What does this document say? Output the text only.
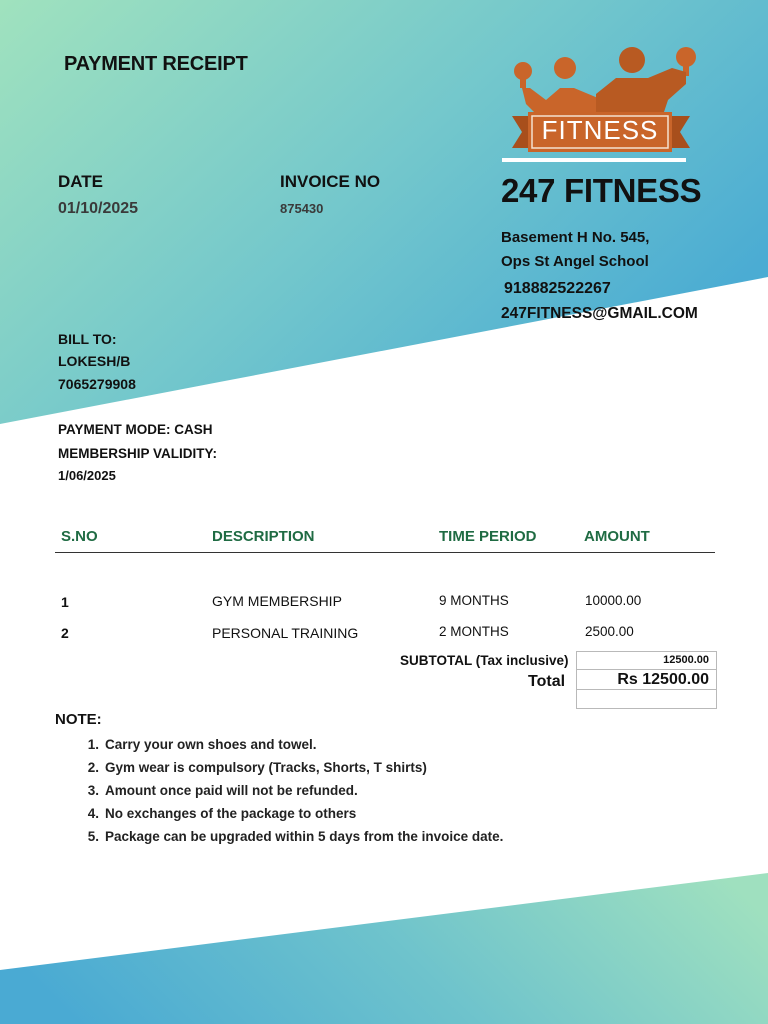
PAYMENT RECEIPT
DATE
01/10/2025
INVOICE NO
875430
FITNESS
247 FITNESS
Basement H No. 545,
Ops St Angel School
918882522267
247FITNESS@GMAIL.COM
BILL TO:
LOKESH/B
7065279908
PAYMENT MODE: CASH
MEMBERSHIP VALIDITY:
1/06/2025
S.NO	DESCRIPTION	TIME PERIOD	AMOUNT
1	GYM MEMBERSHIP	9 MONTHS	10000.00
2	PERSONAL TRAINING	2 MONTHS	2500.00
SUBTOTAL (Tax inclusive)	12500.00
Total	Rs 12500.00
NOTE:
1 . Carry your own shoes and towel.
2 . Gym wear is compulsory (Tracks, Shorts, T shirts)
3 . Amount once paid will not be refunded.
4 . No exchanges of the package to others
5 . Package can be upgraded within 5 days from the invoice date.
